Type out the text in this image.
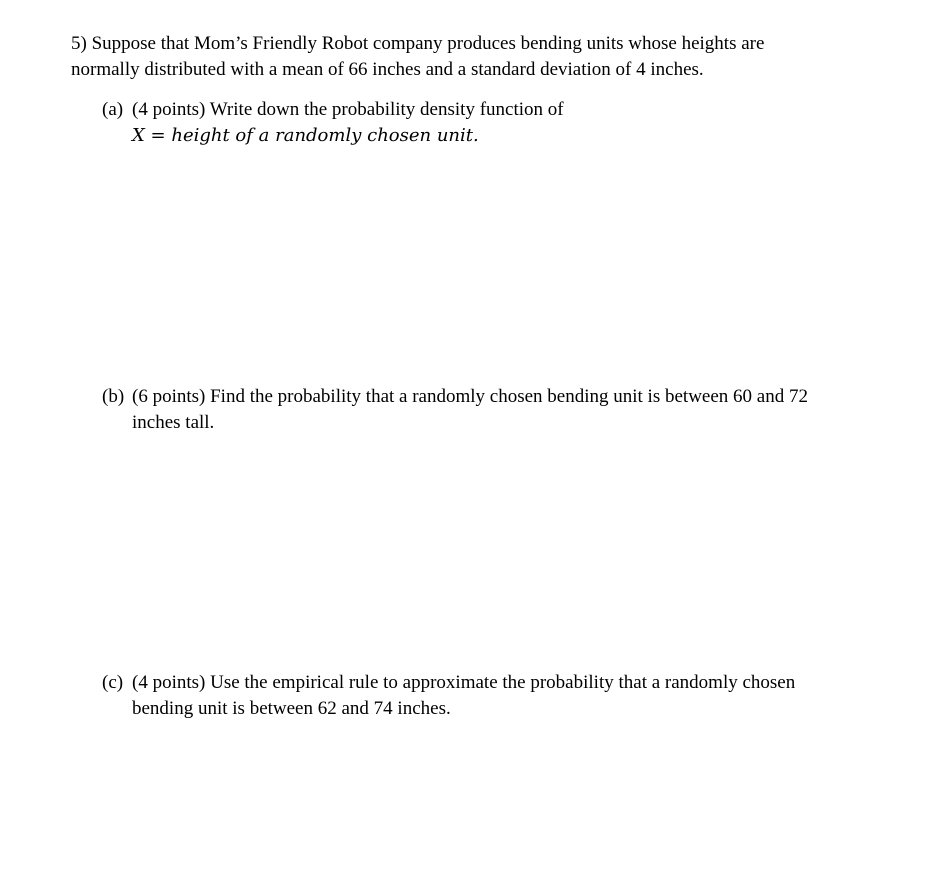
5) Suppose that Mom’s Friendly Robot company produces bending units whose heights are
normally distributed with a mean of 66 inches and a standard deviation of 4 inches.
(a) (4 points) Write down the probability density function of
X = height of a randomly chosen unit.
(b) (6 points) Find the probability that a randomly chosen bending unit is between 60 and 72
inches tall.
(c) (4 points) Use the empirical rule to approximate the probability that a randomly chosen
bending unit is between 62 and 74 inches.
